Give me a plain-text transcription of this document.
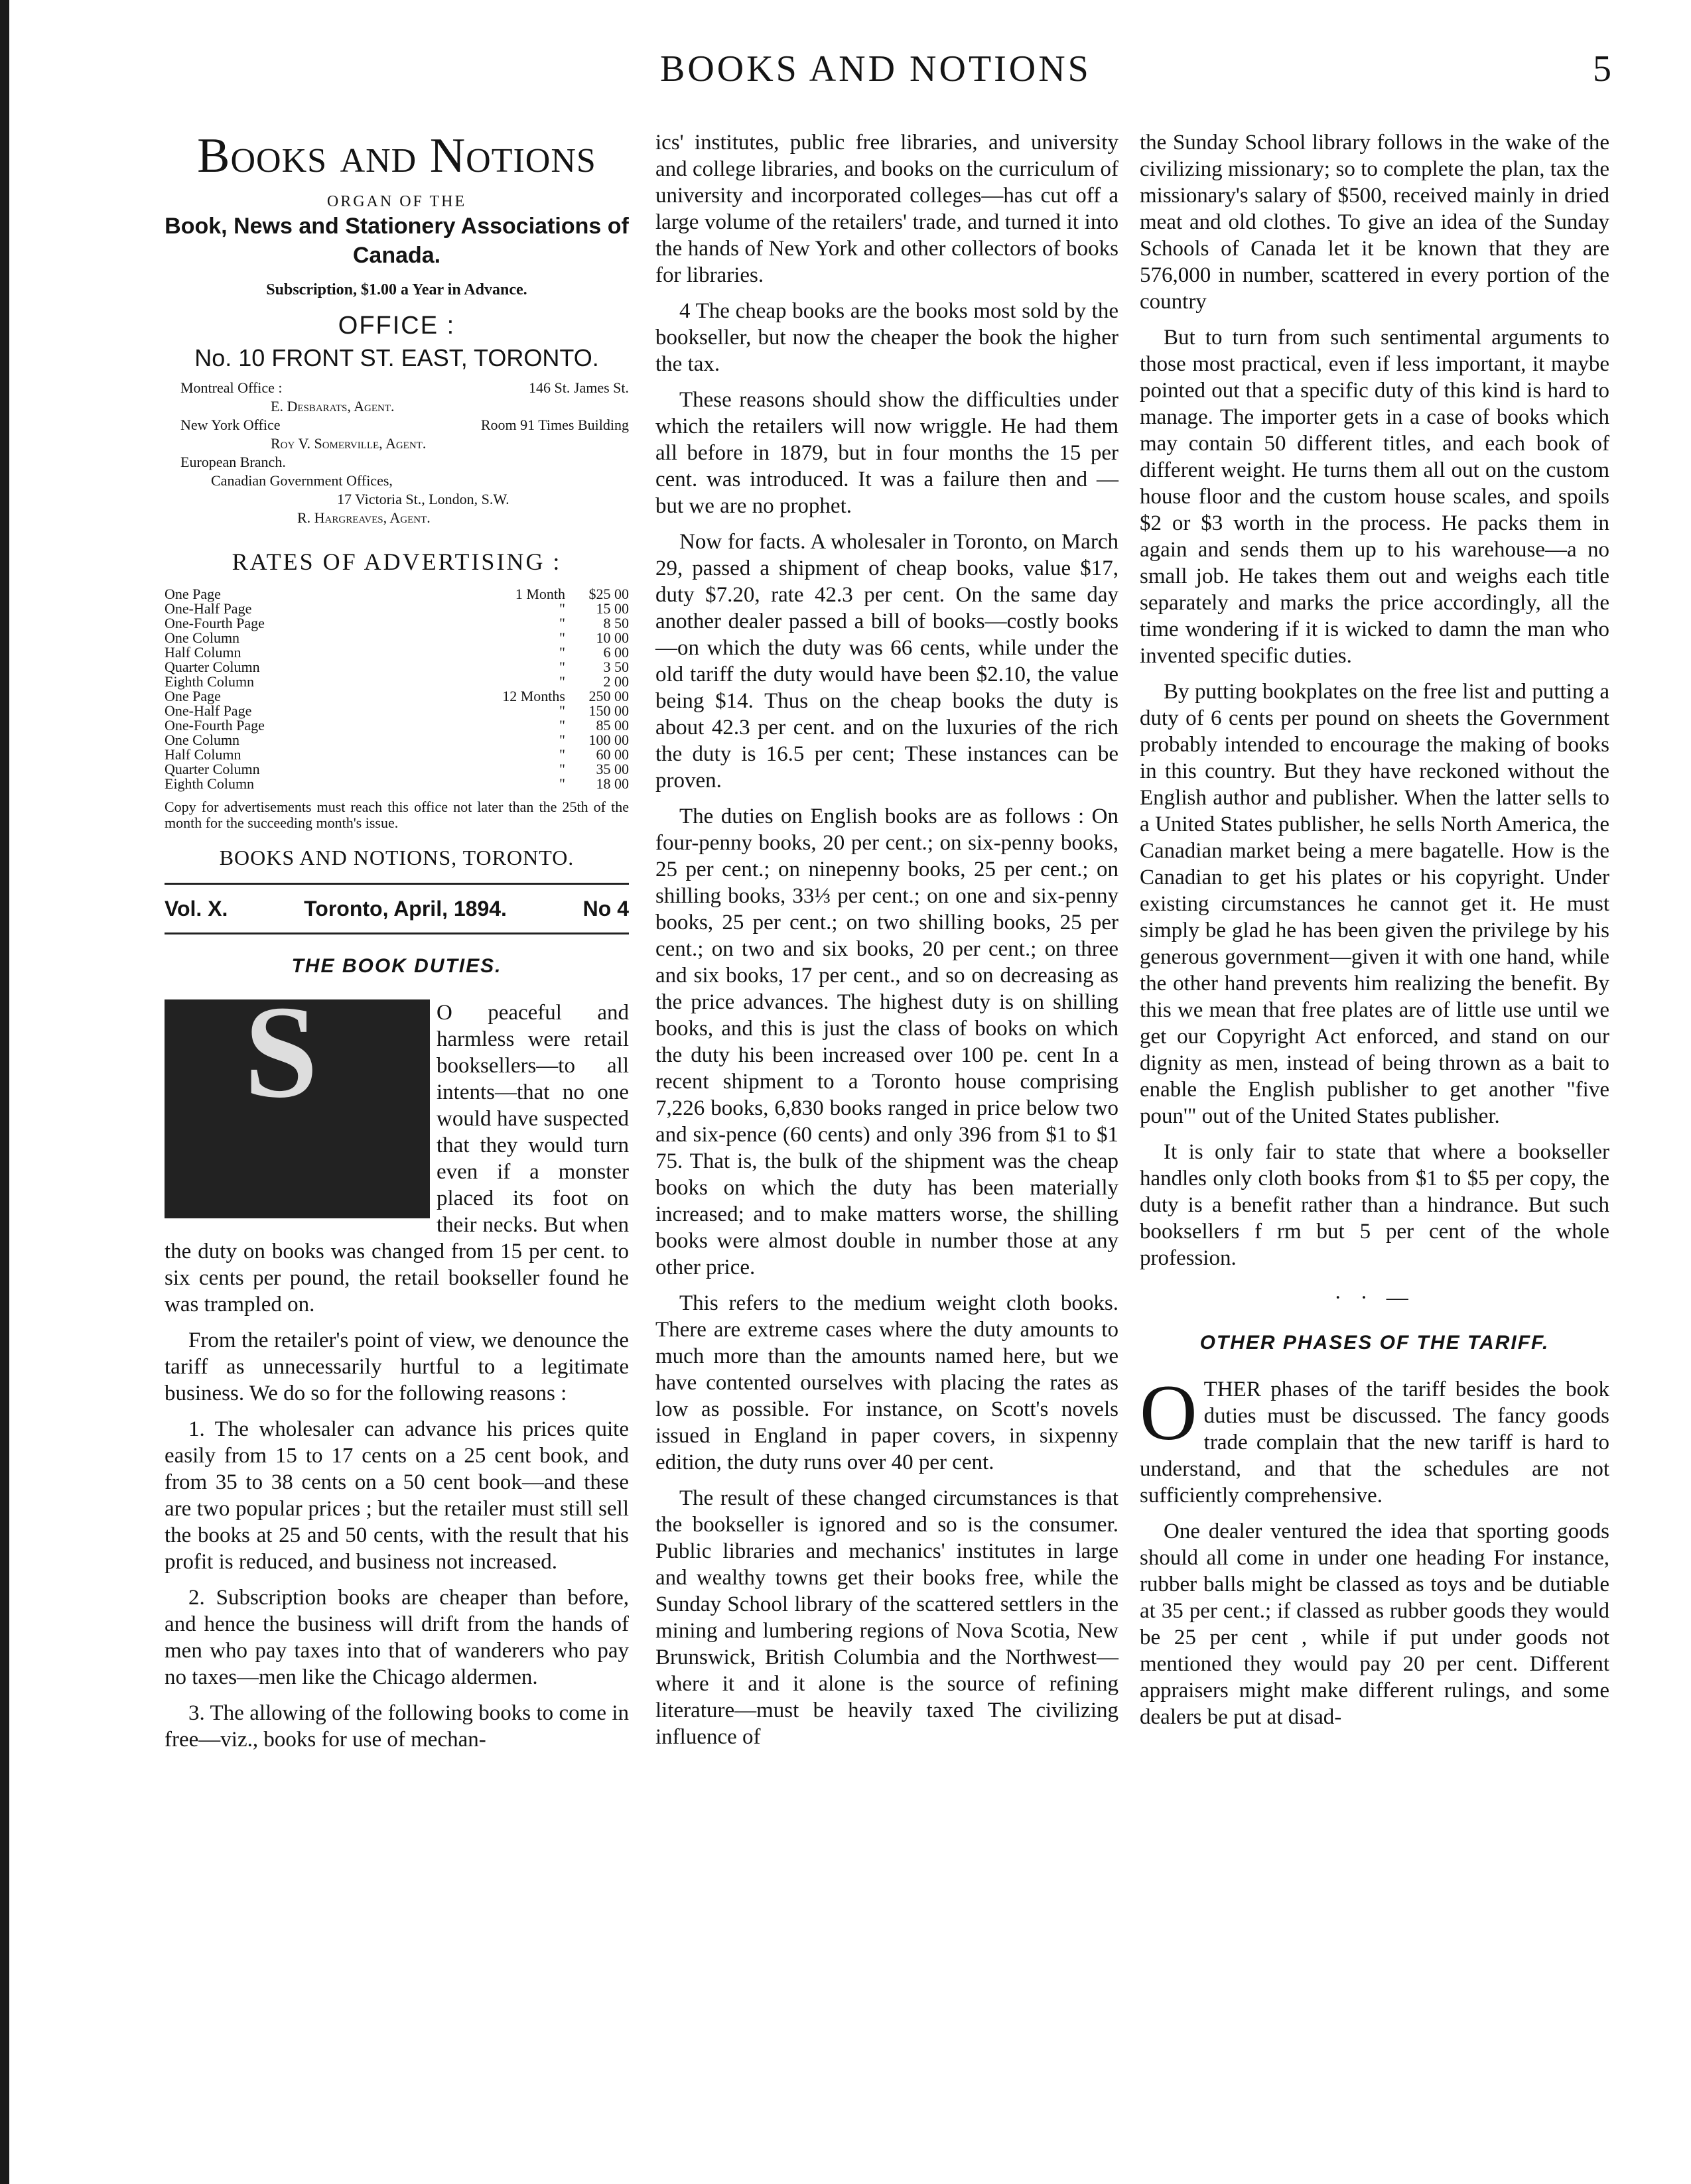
BOOKS AND NOTIONS	5
Books and Notions
ORGAN OF THE
Book, News and Stationery Associations of Canada.
Subscription, $1.00 a Year in Advance.
OFFICE :
No. 10 FRONT ST. EAST, TORONTO.
Montreal Office :	146 St. James St.
E. Desbarats, Agent.
New York Office	Room 91 Times Building
Roy V. Somerville, Agent.
European Branch.
Canadian Government Offices,
17 Victoria St., London, S.W.
R. Hargreaves, Agent.
RATES OF ADVERTISING :
One Page	1 Month	$25 00
One-Half Page	"	15 00
One-Fourth Page	"	8 50
One Column	"	10 00
Half Column	"	6 00
Quarter Column	"	3 50
Eighth Column	"	2 00
One Page	12 Months	250 00
One-Half Page	"	150 00
One-Fourth Page	"	85 00
One Column	"	100 00
Half Column	"	60 00
Quarter Column	"	35 00
Eighth Column	"	18 00
Copy for advertisements must reach this office not later than the 25th of the month for the succeeding month's issue.
BOOKS AND NOTIONS, TORONTO.
Vol. X.	Toronto, April, 1894.	No 4
THE BOOK DUTIES.
S	O peaceful and harmless were retail booksellers—to all intents—that no one would have suspected that they would turn even if a monster placed its foot on their necks. But when the duty on books was changed from 15 per cent. to six cents per pound, the retail bookseller found he was trampled on.

From the retailer's point of view, we denounce the tariff as unnecessarily hurtful to a legitimate business. We do so for the following reasons :

1. The wholesaler can advance his prices quite easily from 15 to 17 cents on a 25 cent book, and from 35 to 38 cents on a 50 cent book—and these are two popular prices ; but the retailer must still sell the books at 25 and 50 cents, with the result that his profit is reduced, and business not increased.

2. Subscription books are cheaper than before, and hence the business will drift from the hands of men who pay taxes into that of wanderers who pay no taxes—men like the Chicago aldermen.

3. The allowing of the following books to come in free—viz., books for use of mechan-

ics' institutes, public free libraries, and university and college libraries, and books on the curriculum of university and incorporated colleges—has cut off a large volume of the retailers' trade, and turned it into the hands of New York and other collectors of books for libraries.

4 The cheap books are the books most sold by the bookseller, but now the cheaper the book the higher the tax.

These reasons should show the difficulties under which the retailers will now wriggle. He had them all before in 1879, but in four months the 15 per cent. was introduced. It was a failure then and — but we are no prophet.

Now for facts. A wholesaler in Toronto, on March 29, passed a shipment of cheap books, value $17, duty $7.20, rate 42.3 per cent. On the same day another dealer passed a bill of books—costly books—on which the duty was 66 cents, while under the old tariff the duty would have been $2.10, the value being $14. Thus on the cheap books the duty is about 42.3 per cent. and on the luxuries of the rich the duty is 16.5 per cent; These instances can be proven.

The duties on English books are as follows : On four-penny books, 20 per cent.; on six-penny books, 25 per cent.; on ninepenny books, 25 per cent.; on shilling books, 33⅓ per cent.; on one and six-penny books, 25 per cent.; on two shilling books, 25 per cent.; on two and six books, 20 per cent.; on three and six books, 17 per cent., and so on decreasing as the price advances. The highest duty is on shilling books, and this is just the class of books on which the duty his been increased over 100 pe. cent In a recent shipment to a Toronto house comprising 7,226 books, 6,830 books ranged in price below two and six-pence (60 cents) and only 396 from $1 to $1 75. That is, the bulk of the shipment was the cheap books on which the duty has been materially increased; and to make matters worse, the shilling books were almost double in number those at any other price.

This refers to the medium weight cloth books. There are extreme cases where the duty amounts to much more than the amounts named here, but we have contented ourselves with placing the rates as low as possible. For instance, on Scott's novels issued in England in paper covers, in sixpenny edition, the duty runs over 40 per cent.

The result of these changed circumstances is that the bookseller is ignored and so is the consumer. Public libraries and mechanics' institutes in large and wealthy towns get their books free, while the Sunday School library of the scattered settlers in the mining and lumbering regions of Nova Scotia, New Brunswick, British Columbia and the Northwest—where it and it alone is the source of refining literature—must be heavily taxed The civilizing influence of

the Sunday School library follows in the wake of the civilizing missionary; so to complete the plan, tax the missionary's salary of $500, received mainly in dried meat and old clothes. To give an idea of the Sunday Schools of Canada let it be known that they are 576,000 in number, scattered in every portion of the country

But to turn from such sentimental arguments to those most practical, even if less important, it maybe pointed out that a specific duty of this kind is hard to manage. The importer gets in a case of books which may contain 50 different titles, and each book of different weight. He turns them all out on the custom house floor and the custom house scales, and spoils $2 or $3 worth in the process. He packs them in again and sends them up to his warehouse—a no small job. He takes them out and weighs each title separately and marks the price accordingly, all the time wondering if it is wicked to damn the man who invented specific duties.

By putting bookplates on the free list and putting a duty of 6 cents per pound on sheets the Government probably intended to encourage the making of books in this country. But they have reckoned without the English author and publisher. When the latter sells to a United States publisher, he sells North America, the Canadian market being a mere bagatelle. How is the Canadian to get his plates or his copyright. Under existing circumstances he cannot get it. He must simply be glad he has been given the privilege by his generous government—given it with one hand, while the other hand prevents him realizing the benefit. By this we mean that free plates are of little use until we get our Copyright Act enforced, and stand on our dignity as men, instead of being thrown as a bait to enable the English publisher to get another "five poun'" out of the United States publisher.

It is only fair to state that where a bookseller handles only cloth books from $1 to $5 per copy, the duty is a benefit rather than a hindrance. But such booksellers f rm but 5 per cent of the whole profession.

· · —
OTHER PHASES OF THE TARIFF.
O THER phases of the tariff besides the book duties must be discussed. The fancy goods trade complain that the new tariff is hard to understand, and that the schedules are not sufficiently comprehensive.

One dealer ventured the idea that sporting goods should all come in under one heading For instance, rubber balls might be classed as toys and be dutiable at 35 per cent.; if classed as rubber goods they would be 25 per cent , while if put under goods not mentioned they would pay 20 per cent. Different appraisers might make different rulings, and some dealers be put at disad-
